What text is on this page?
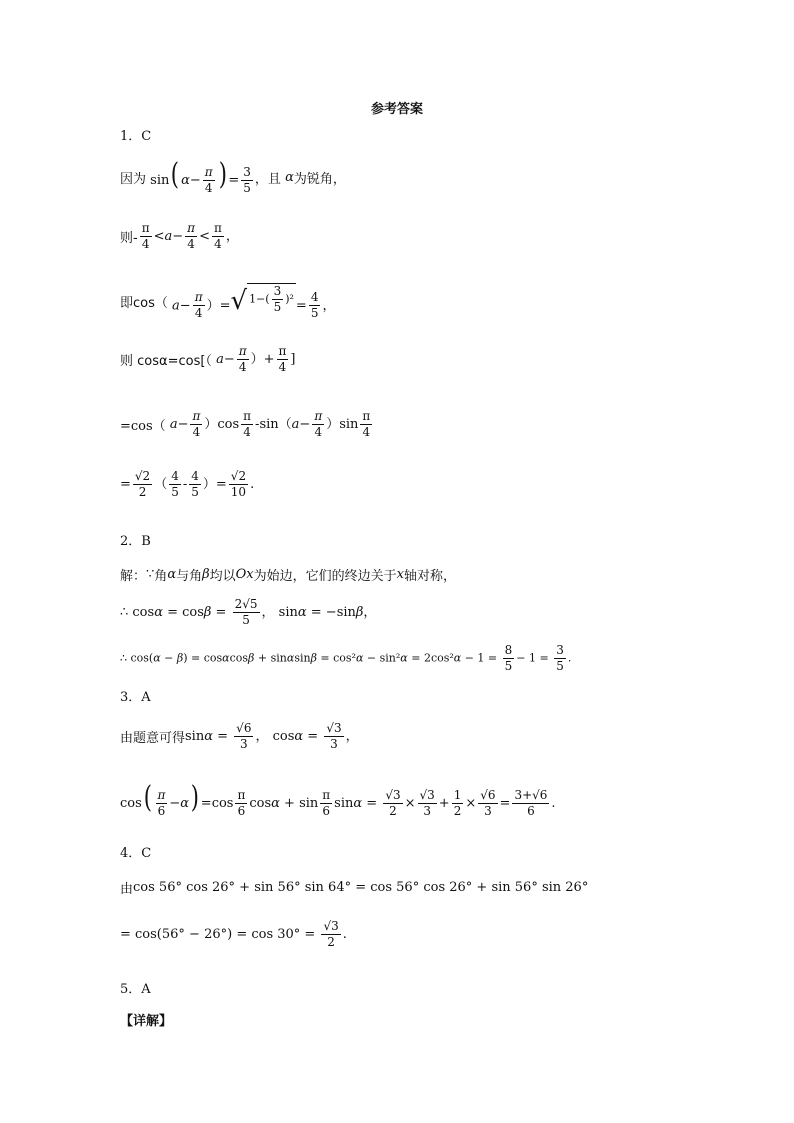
参考答案
1．C
因为 sin( $\alpha- \frac{\pi}{4}$ ) = $\frac{3}{5}$ ，且 α 为锐角，
则- $\frac{\pi}{4} <a- \frac{\pi}{4} < \frac{\pi}{4}$ ，
即cos（ $a- \frac{\pi}{4}$ ）= √ $1-( \frac{3}{5} )^2 = \frac{4}{5}$ ，
则 cosα=cos[（ $a- \frac{\pi}{4}$ ）+ $\frac{\pi}{4}$ ]
=cos（ $a- \frac{\pi}{4} )\cos \frac{\pi}{4} -\sin(a- \frac{\pi}{4} )\sin \frac{\pi}{4}$
= $\frac{√2}{2}$ （ $\frac{4}{5} - \frac{4}{5}$ ）= $\frac{√2}{10}$ .
2．B
解： ∵ 角 α 与角 β 均以 Ox 为始边，它们的终边关于 x 轴对称，
∴ $\cos\alpha = \cos\beta = \frac{2√5}{5}$ ， sinα = −sinβ，
∴ $\cos(\alpha - \beta) = \cos\alpha\cos\beta + \sin\alpha\sin\beta = \cos^2\alpha - \sin^2\alpha = 2\cos^2\alpha - 1 = \frac{8}{5} - 1 = \frac{3}{5}$ .
3．A
由题意可得 $\sin\alpha = \frac{√6}{3}$ ， $\cos\alpha = \frac{√3}{3}$ ，
$\cos( \frac{\pi}{6} -\alpha) =\cos \frac{\pi}{6}$ $\cos\alpha + \sin \frac{\pi}{6}$ $\sin\alpha = \frac{√3}{2} \times \frac{√3}{3} + \frac{1}{2} \times \frac{√6}{3} = \frac{3+√6}{6}$ .
4．C
由 cos 56° cos 26° + sin 56° sin 64° = cos 56° cos 26° + sin 56° sin 26°
= $\cos(56^\circ - 26^\circ) = \cos 30^\circ = \frac{√3}{2}$ .
5．A
【详解】
